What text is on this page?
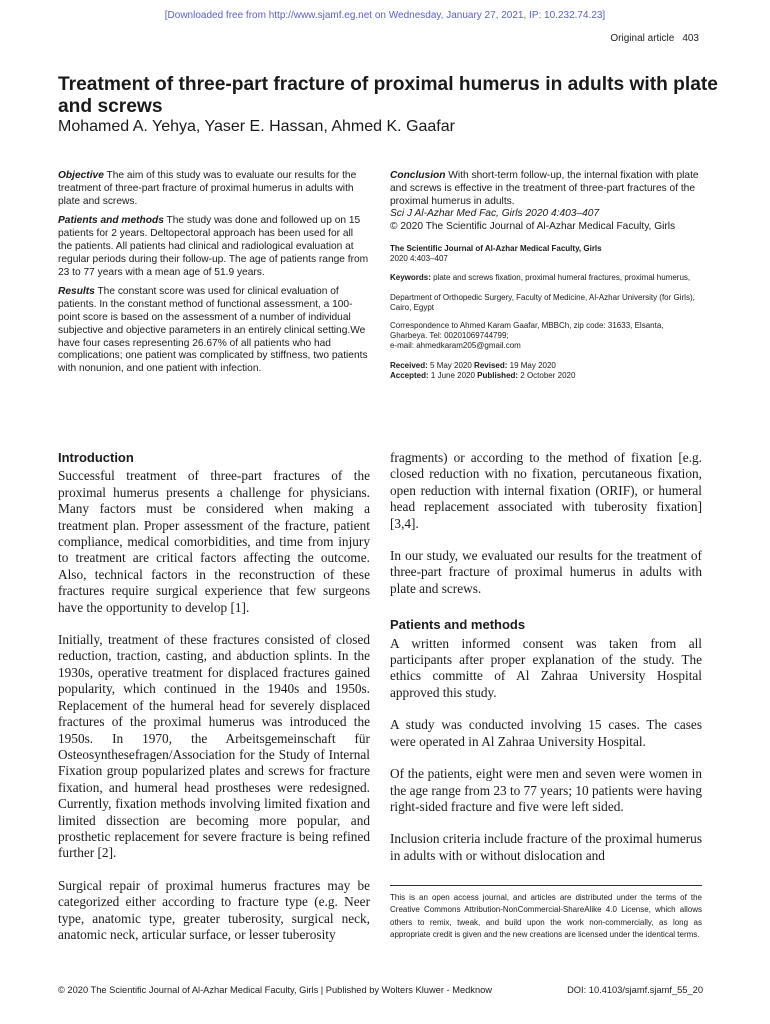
[Downloaded free from http://www.sjamf.eg.net on Wednesday, January 27, 2021, IP: 10.232.74.23]
Original article 403
Treatment of three-part fracture of proximal humerus in adults with plate and screws
Mohamed A. Yehya, Yaser E. Hassan, Ahmed K. Gaafar

Objective The aim of this study was to evaluate our results for the treatment of three-part fracture of proximal humerus in adults with plate and screws.

Patients and methods The study was done and followed up on 15 patients for 2 years. Deltopectoral approach has been used for all the patients. All patients had clinical and radiological evaluation at regular periods during their follow-up. The age of patients range from 23 to 77 years with a mean age of 51.9 years.

Results The constant score was used for clinical evaluation of patients. In the constant method of functional assessment, a 100-point score is based on the assessment of a number of individual subjective and objective parameters in an entirely clinical setting.We have four cases representing 26.67% of all patients who had complications; one patient was complicated by stiffness, two patients with nonunion, and one patient with infection.

Conclusion With short-term follow-up, the internal fixation with plate and screws is effective in the treatment of three-part fractures of the proximal humerus in adults.

Sci J Al-Azhar Med Fac, Girls 2020 4:403–407

© 2020 The Scientific Journal of Al-Azhar Medical Faculty, Girls

The Scientific Journal of Al-Azhar Medical Faculty, Girls

2020 4:403–407

Keywords: plate and screws fixation, proximal humeral fractures, proximal humerus,

Department of Orthopedic Surgery, Faculty of Medicine, Al-Azhar University (for Girls), Cairo, Egypt

Correspondence to Ahmed Karam Gaafar, MBBCh, zip code: 31633, Elsanta, Gharbeya. Tel: 00201069744799;

e-mail: ahmedkaram205@gmail.com

Received: 5 May 2020 Revised: 19 May 2020

Accepted: 1 June 2020 Published: 2 October 2020

Introduction

Successful treatment of three-part fractures of the proximal humerus presents a challenge for physicians. Many factors must be considered when making a treatment plan. Proper assessment of the fracture, patient compliance, medical comorbidities, and time from injury to treatment are critical factors affecting the outcome. Also, technical factors in the reconstruction of these fractures require surgical experience that few surgeons have the opportunity to develop [1].

Initially, treatment of these fractures consisted of closed reduction, traction, casting, and abduction splints. In the 1930s, operative treatment for displaced fractures gained popularity, which continued in the 1940s and 1950s. Replacement of the humeral head for severely displaced fractures of the proximal humerus was introduced the 1950s. In 1970, the Arbeitsgemeinschaft für Osteosynthesefragen/Association for the Study of Internal Fixation group popularized plates and screws for fracture fixation, and humeral head prostheses were redesigned. Currently, fixation methods involving limited fixation and limited dissection are becoming more popular, and prosthetic replacement for severe fracture is being refined further [2].

Surgical repair of proximal humerus fractures may be categorized either according to fracture type (e.g. Neer type, anatomic type, greater tuberosity, surgical neck, anatomic neck, articular surface, or lesser tuberosity

fragments) or according to the method of fixation [e.g. closed reduction with no fixation, percutaneous fixation, open reduction with internal fixation (ORIF), or humeral head replacement associated with tuberosity fixation] [3,4].

In our study, we evaluated our results for the treatment of three-part fracture of proximal humerus in adults with plate and screws.

Patients and methods

A written informed consent was taken from all participants after proper explanation of the study. The ethics committe of Al Zahraa University Hospital approved this study.

A study was conducted involving 15 cases. The cases were operated in Al Zahraa University Hospital.

Of the patients, eight were men and seven were women in the age range from 23 to 77 years; 10 patients were having right-sided fracture and five were left sided.

Inclusion criteria include fracture of the proximal humerus in adults with or without dislocation and

This is an open access journal, and articles are distributed under the terms of the Creative Commons Attribution-NonCommercial-ShareAlike 4.0 License, which allows others to remix, tweak, and build upon the work non-commercially, as long as appropriate credit is given and the new creations are licensed under the identical terms.
© 2020 The Scientific Journal of Al-Azhar Medical Faculty, Girls | Published by Wolters Kluwer - Medknow	DOI: 10.4103/sjamf.sjamf_55_20
